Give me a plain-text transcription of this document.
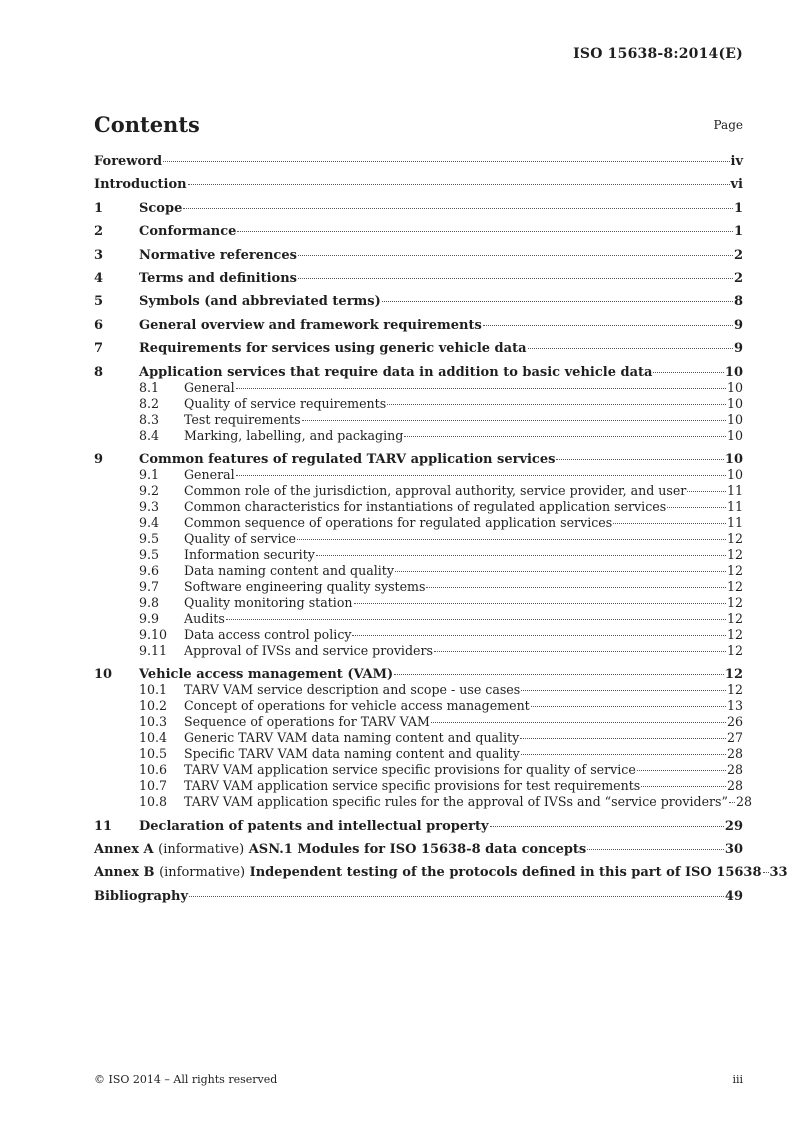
ISO 15638-8:2014(E)
Contents	Page
Foreword	iv
Introduction	vi
1	Scope	1
2	Conformance	1
3	Normative references	2
4	Terms and definitions	2
5	Symbols (and abbreviated terms)	8
6	General overview and framework requirements	9
7	Requirements for services using generic vehicle data	9
8	Application services that require data in addition to basic vehicle data	10
8.1	General	10
8.2	Quality of service requirements	10
8.3	Test requirements	10
8.4	Marking, labelling, and packaging	10
9	Common features of regulated TARV application services	10
9.1	General	10
9.2	Common role of the jurisdiction, approval authority, service provider, and user	11
9.3	Common characteristics for instantiations of regulated application services	11
9.4	Common sequence of operations for regulated application services	11
9.5	Quality of service	12
9.5	Information security	12
9.6	Data naming content and quality	12
9.7	Software engineering quality systems	12
9.8	Quality monitoring station	12
9.9	Audits	12
9.10	Data access control policy	12
9.11	Approval of IVSs and service providers	12
10	Vehicle access management (VAM)	12
10.1	TARV VAM service description and scope - use cases	12
10.2	Concept of operations for vehicle access management	13
10.3	Sequence of operations for TARV VAM	26
10.4	Generic TARV VAM data naming content and quality	27
10.5	Specific TARV VAM data naming content and quality	28
10.6	TARV VAM application service specific provisions for quality of service	28
10.7	TARV VAM application service specific provisions for test requirements	28
10.8	TARV VAM application specific rules for the approval of IVSs and “service providers” 28
11	Declaration of patents and intellectual property	29
Annex A (informative) ASN.1 Modules for ISO 15638-8 data concepts	30
Annex B (informative) Independent testing of the protocols defined in this part of ISO 15638 33
Bibliography	49
© ISO 2014 – All rights reserved	iii
